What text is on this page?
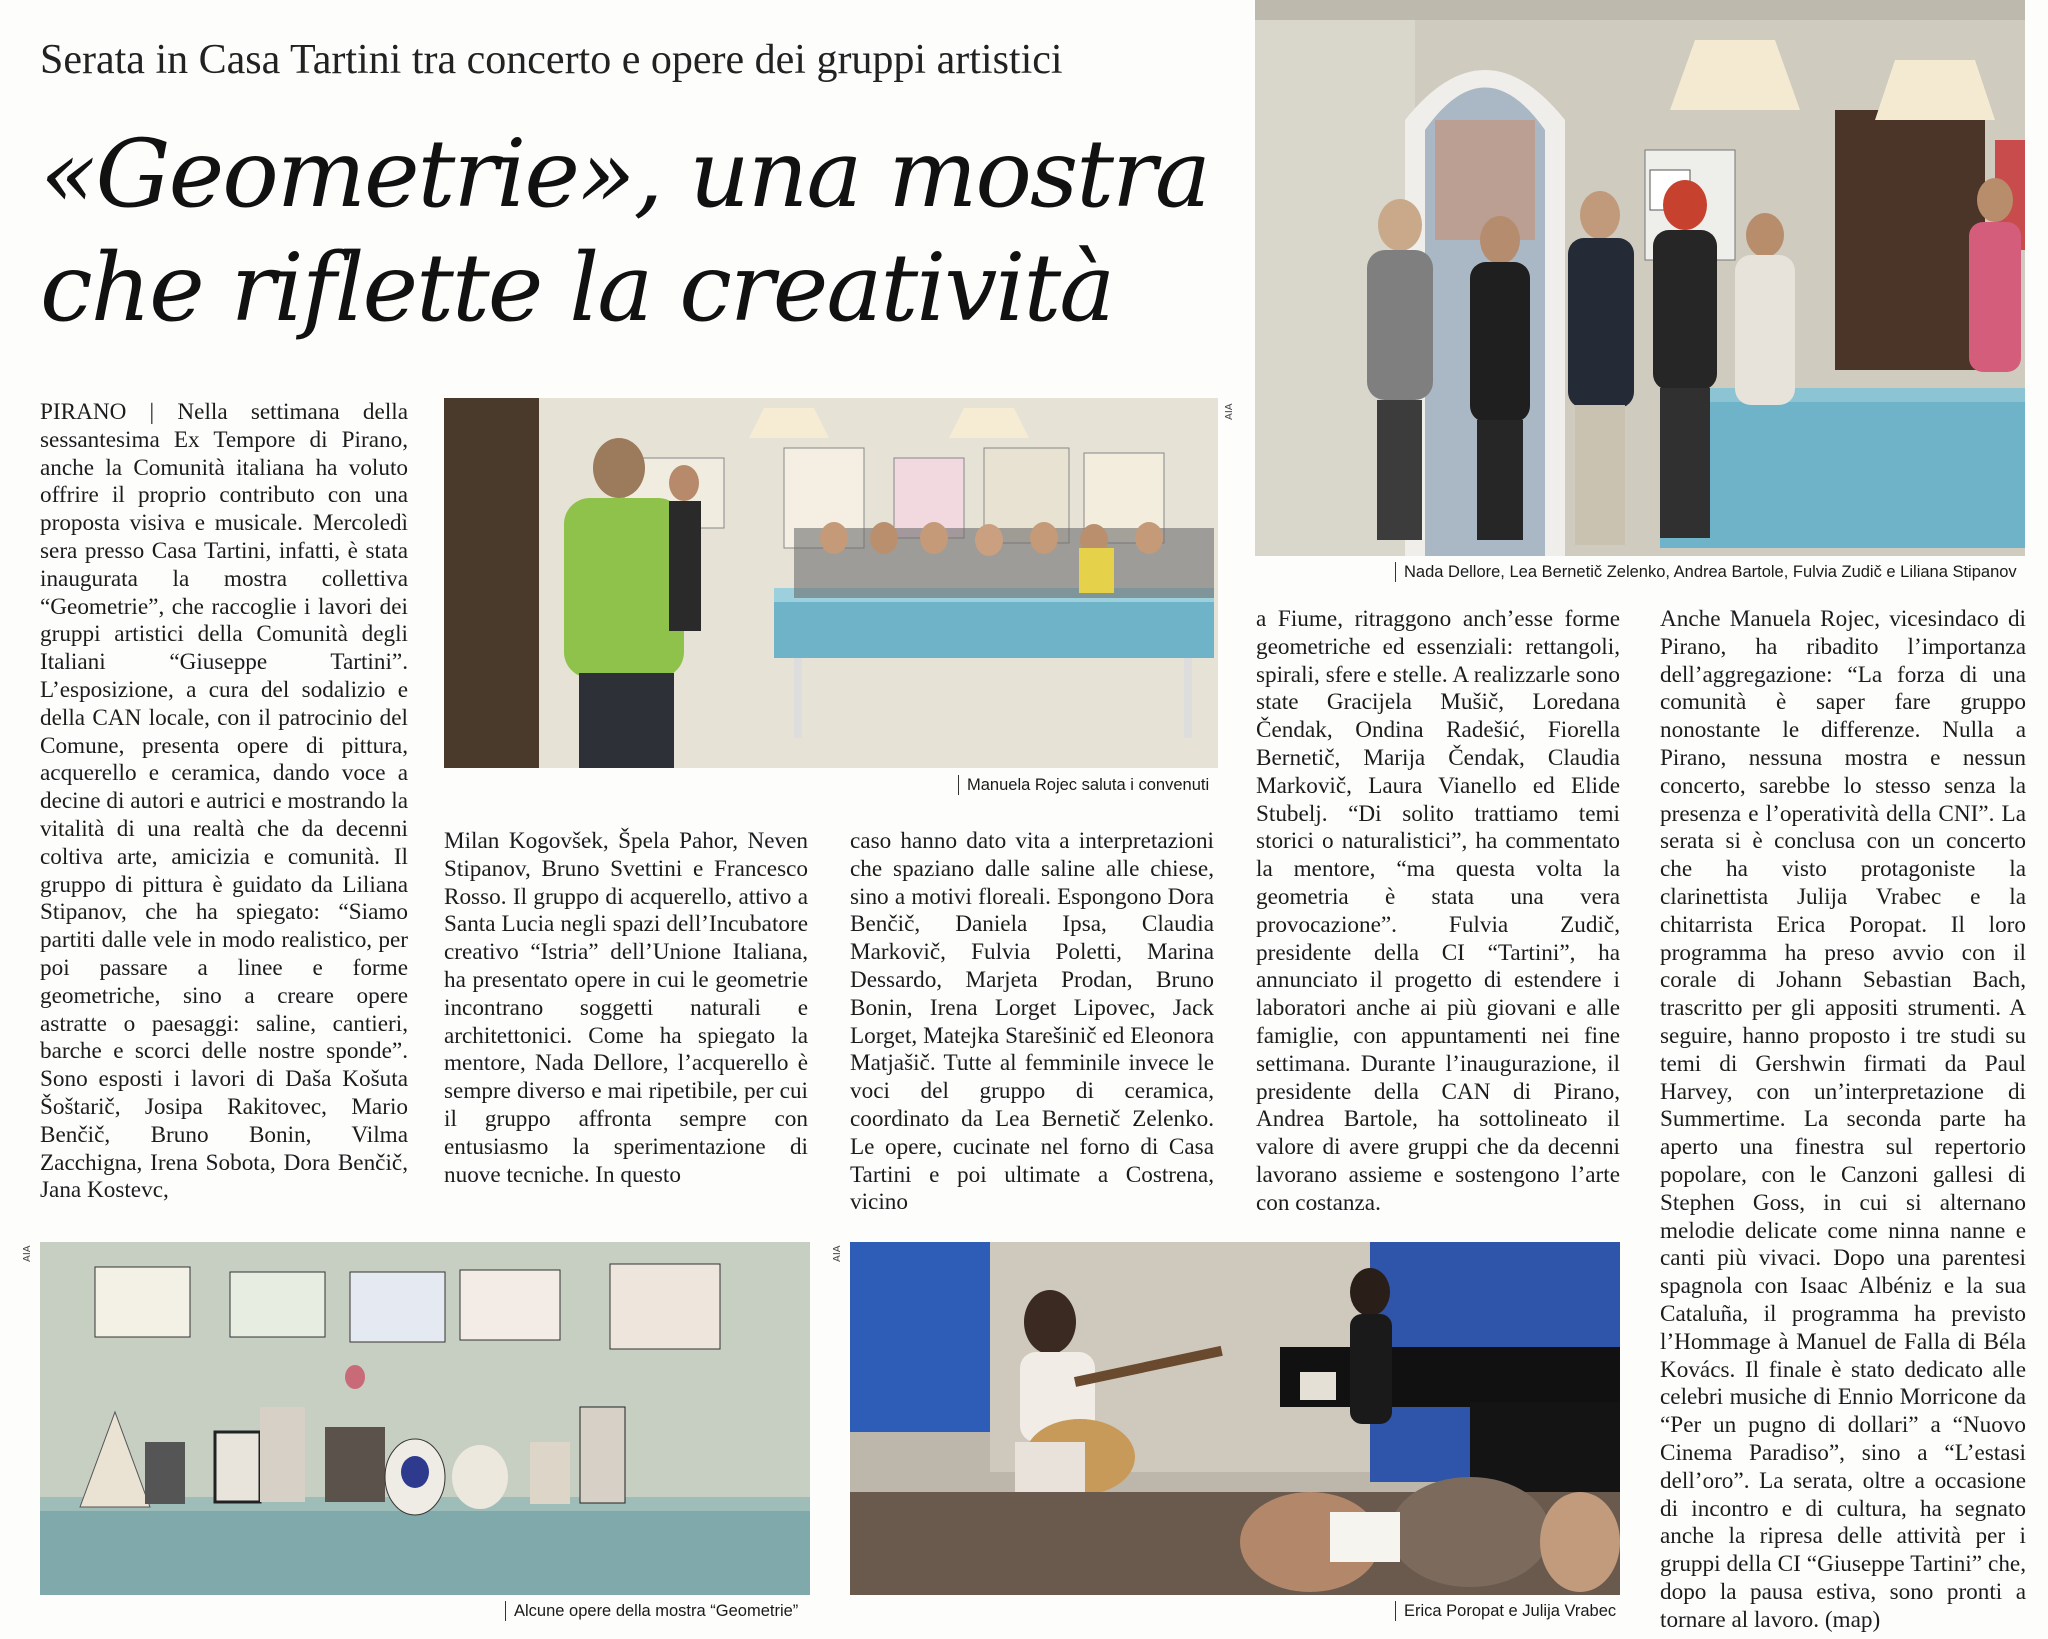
Serata in Casa Tartini tra concerto e opere dei gruppi artistici
«Geometrie», una mostra
che riflette la creatività
Nada Dellore, Lea Bernetič Zelenko, Andrea Bartole, Fulvia Zudič e Liliana Stipanov
AIA
Manuela Rojec saluta i convenuti

PIRANO | Nella settimana della sessantesima Ex Tempore di Pirano, anche la Comunità italiana ha voluto offrire il proprio contributo con una proposta visiva e musicale. Mercoledì sera presso Casa Tartini, infatti, è stata inaugurata la mostra collettiva “Geometrie”, che raccoglie i lavori dei gruppi artistici della Comunità degli Italiani “Giuseppe Tartini”. L’esposizione, a cura del sodalizio e della CAN locale, con il patrocinio del Comune, presenta opere di pittura, acquerello e ceramica, dando voce a decine di autori e autrici e mostrando la vitalità di una realtà che da decenni coltiva arte, amicizia e comunità. Il gruppo di pittura è guidato da Liliana Stipanov, che ha spiegato: “Siamo partiti dalle vele in modo realistico, per poi passare a linee e forme geometriche, sino a creare opere astratte o paesaggi: saline, cantieri, barche e scorci delle nostre sponde”. Sono esposti i lavori di Daša Košuta Šoštarič, Josipa Rakitovec, Mario Benčič, Bruno Bonin, Vilma Zacchigna, Irena Sobota, Dora Benčič, Jana Kostevc,

Milan Kogovšek, Špela Pahor, Neven Stipanov, Bruno Svettini e Francesco Rosso. Il gruppo di acquerello, attivo a Santa Lucia negli spazi dell’Incubatore creativo “Istria” dell’Unione Italiana, ha presentato opere in cui le geometrie incontrano soggetti naturali e architettonici. Come ha spiegato la mentore, Nada Dellore, l’acquerello è sempre diverso e mai ripetibile, per cui il gruppo affronta sempre con entusiasmo la sperimentazione di nuove tecniche. In questo

caso hanno dato vita a interpretazioni che spaziano dalle saline alle chiese, sino a motivi floreali. Espongono Dora Benčič, Daniela Ipsa, Claudia Markovič, Fulvia Poletti, Marina Dessardo, Marjeta Prodan, Bruno Bonin, Irena Lorget Lipovec, Jack Lorget, Matejka Starešinič ed Eleonora Matjašič. Tutte al femminile invece le voci del gruppo di ceramica, coordinato da Lea Bernetič Zelenko. Le opere, cucinate nel forno di Casa Tartini e poi ultimate a Costrena, vicino

a Fiume, ritraggono anch’esse forme geometriche ed essenziali: rettangoli, spirali, sfere e stelle. A realizzarle sono state Gracijela Mušič, Loredana Čendak, Ondina Radešić, Fiorella Bernetič, Marija Čendak, Claudia Markovič, Laura Vianello ed Elide Stubelj. “Di solito trattiamo temi storici o naturalistici”, ha commentato la mentore, “ma questa volta la geometria è stata una vera provocazione”. Fulvia Zudič, presidente della CI “Tartini”, ha annunciato il progetto di estendere i laboratori anche ai più giovani e alle famiglie, con appuntamenti nei fine settimana. Durante l’inaugurazione, il presidente della CAN di Pirano, Andrea Bartole, ha sottolineato il valore di avere gruppi che da decenni lavorano assieme e sostengono l’arte con costanza.

Anche Manuela Rojec, vicesindaco di Pirano, ha ribadito l’importanza dell’aggregazione: “La forza di una comunità è saper fare gruppo nonostante le differenze. Nulla a Pirano, nessuna mostra e nessun concerto, sarebbe lo stesso senza la presenza e l’operatività della CNI”. La serata si è conclusa con un concerto che ha visto protagoniste la clarinettista Julija Vrabec e la chitarrista Erica Poropat. Il loro programma ha preso avvio con il corale di Johann Sebastian Bach, trascritto per gli appositi strumenti. A seguire, hanno proposto i tre studi su temi di Gershwin firmati da Paul Harvey, con un’interpretazione di Summertime. La seconda parte ha aperto una finestra sul repertorio popolare, con le Canzoni gallesi di Stephen Goss, in cui si alternano melodie delicate come ninna nanne e canti più vivaci. Dopo una parentesi spagnola con Isaac Albéniz e la sua Cataluña, il programma ha previsto l’Hommage à Manuel de Falla di Béla Kovács. Il finale è stato dedicato alle celebri musiche di Ennio Morricone da “Per un pugno di dollari” a “Nuovo Cinema Paradiso”, sino a “L’estasi dell’oro”. La serata, oltre a occasione di incontro e di cultura, ha segnato anche la ripresa delle attività per i gruppi della CI “Giuseppe Tartini” che, dopo la pausa estiva, sono pronti a tornare al lavoro. (map)

AIA
Alcune opere della mostra “Geometrie”
AIA
Erica Poropat e Julija Vrabec
